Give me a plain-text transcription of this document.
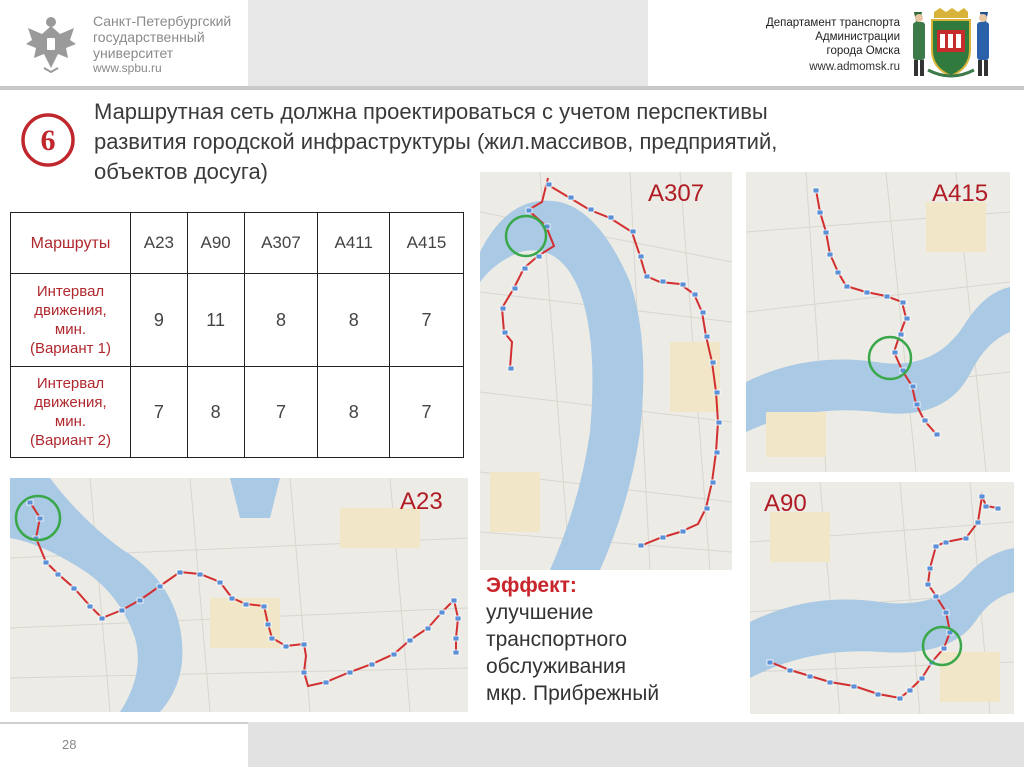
Санкт-Петербургский
государственный
университет
www.spbu.ru
Департамент транспорта
Администрации
города Омска
www.admomsk.ru
6
Маршрутная сеть должна проектироваться с учетом перспективы
развития городской инфраструктуры (жил.массивов, предприятий,
объектов досуга)
Маршруты	А23	А90	А307	А411	А415

Интервал
движения,
мин.
(Вариант 1)	9	11	8	8	7

Интервал
движения,
мин.
(Вариант 2)	7	8	7	8	7
А307	А415
А23	А90
Эффект:
улучшение
транспортного
обслуживания
мкр. Прибрежный
28
